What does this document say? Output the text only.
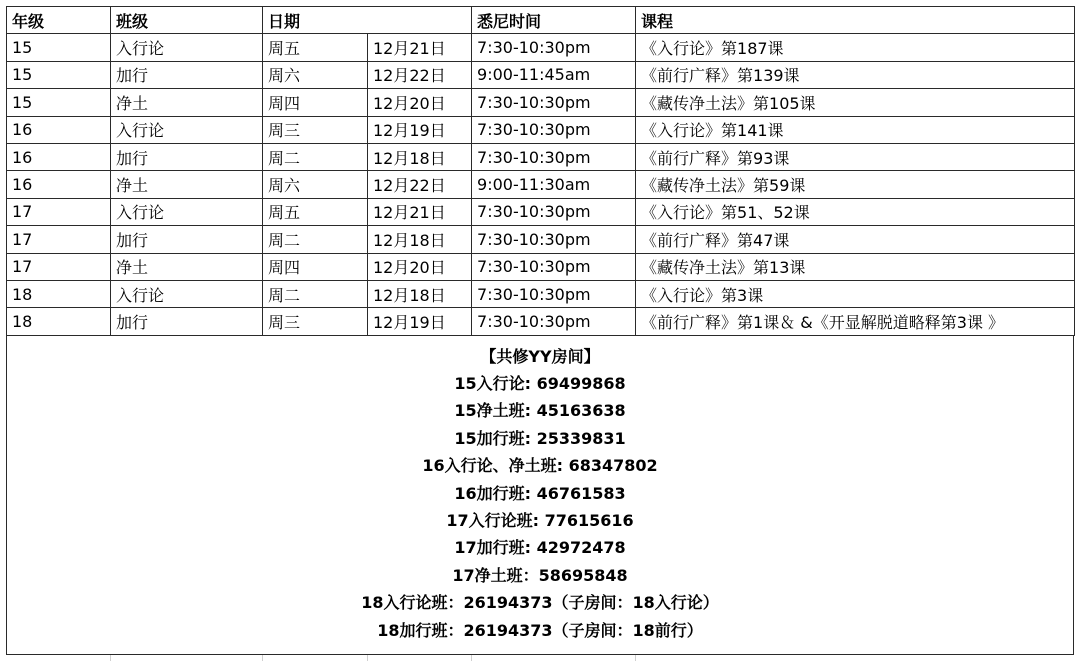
年级	班级	日期		悉尼时间	课程
15	入行论	周五	12月21日	7:30-10:30pm	《入行论》第187课
15	加行	周六	12月22日	9:00-11:45am	《前行广释》第139课
15	净土	周四	12月20日	7:30-10:30pm	《藏传净土法》第105课
16	入行论	周三	12月19日	7:30-10:30pm	《入行论》第141课
16	加行	周二	12月18日	7:30-10:30pm	《前行广释》第93课
16	净土	周六	12月22日	9:00-11:30am	《藏传净土法》第59课
17	入行论	周五	12月21日	7:30-10:30pm	《入行论》第51、52课
17	加行	周二	12月18日	7:30-10:30pm	《前行广释》第47课
17	净土	周四	12月20日	7:30-10:30pm	《藏传净土法》第13课
18	入行论	周二	12月18日	7:30-10:30pm	《入行论》第3课
18	加行	周三	12月19日	7:30-10:30pm	《前行广释》第1课＆ &《开显解脱道略释第3课 》
【共修YY房间】
15入行论: 69499868
15净土班: 45163638
15加行班: 25339831
16入行论、净土班: 68347802
16加行班: 46761583
17入行论班: 77615616
17加行班: 42972478
17净土班：58695848
18入行论班：26194373（子房间：18入行论）
18加行班：26194373（子房间：18前行）
